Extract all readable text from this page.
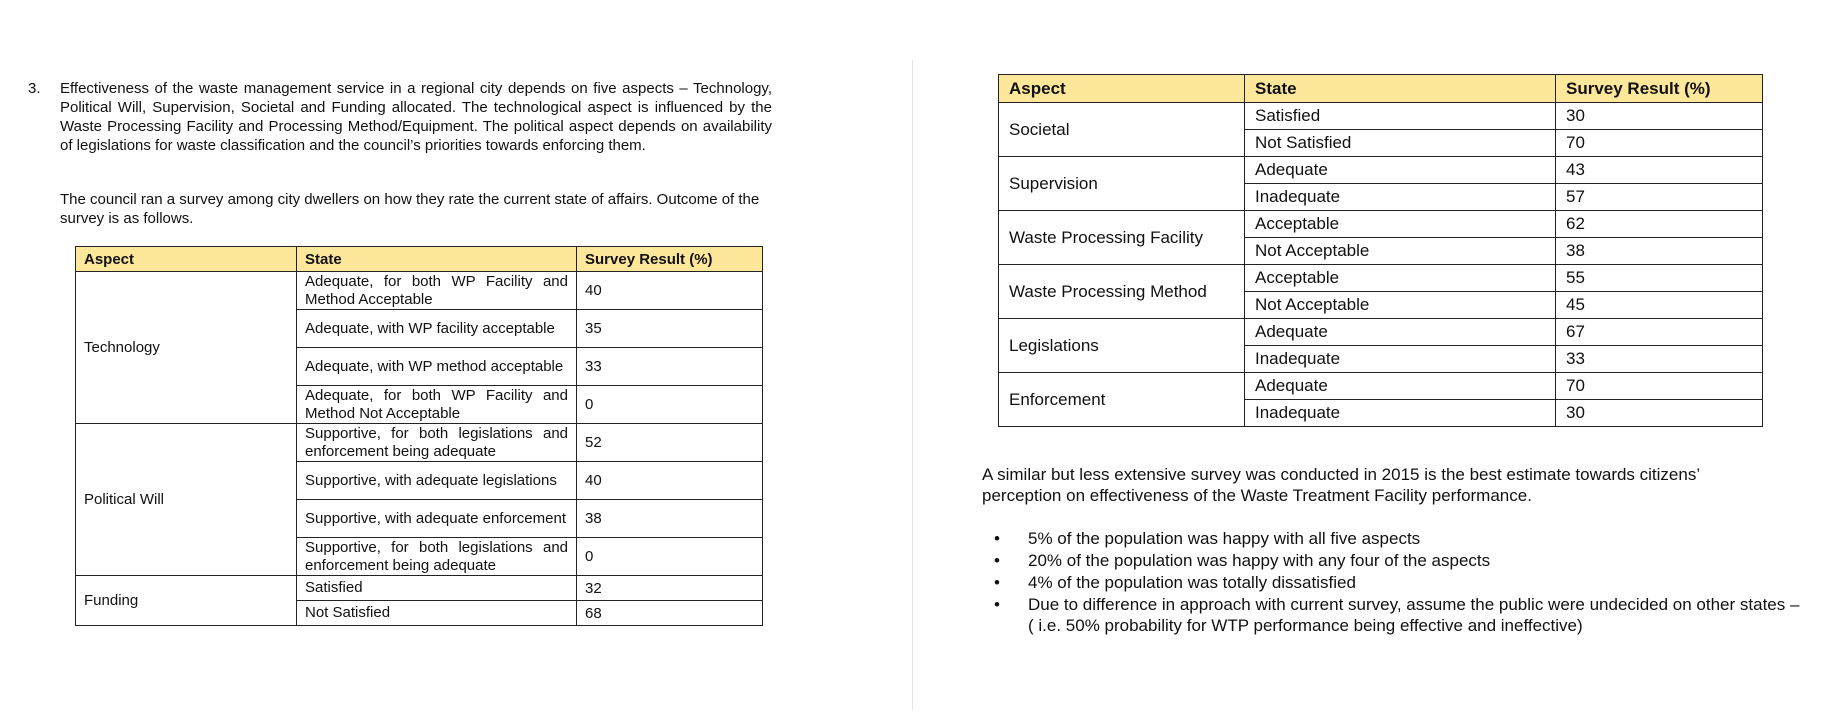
3. Effectiveness of the waste management service in a regional city depends on five aspects – Technology, Political Will, Supervision, Societal and Funding allocated. The technological aspect is influenced by the Waste Processing Facility and Processing Method/Equipment. The political aspect depends on availability of legislations for waste classification and the council’s priorities towards enforcing them.
The council ran a survey among city dwellers on how they rate the current state of affairs. Outcome of the survey is as follows.
Aspect	State	Survey Result (%)
Technology	Adequate, for both WP Facility and Method Acceptable	40
	Adequate, with WP facility acceptable	35
	Adequate, with WP method acceptable	33
	Adequate, for both WP Facility and Method Not Acceptable	0
Political Will	Supportive, for both legislations and enforcement being adequate	52
	Supportive, with adequate legislations	40
	Supportive, with adequate enforcement	38
	Supportive, for both legislations and enforcement being adequate	0
Funding	Satisfied	32
	Not Satisfied	68
Aspect	State	Survey Result (%)
Societal	Satisfied	30
	Not Satisfied	70
Supervision	Adequate	43
	Inadequate	57
Waste Processing Facility	Acceptable	62
	Not Acceptable	38
Waste Processing Method	Acceptable	55
	Not Acceptable	45
Legislations	Adequate	67
	Inadequate	33
Enforcement	Adequate	70
	Inadequate	30
A similar but less extensive survey was conducted in 2015 is the best estimate towards citizens’ perception on effectiveness of the Waste Treatment Facility performance.
• 5% of the population was happy with all five aspects
• 20% of the population was happy with any four of the aspects
• 4% of the population was totally dissatisfied
• Due to difference in approach with current survey, assume the public were undecided on other states – ( i.e. 50% probability for WTP performance being effective and ineffective)
